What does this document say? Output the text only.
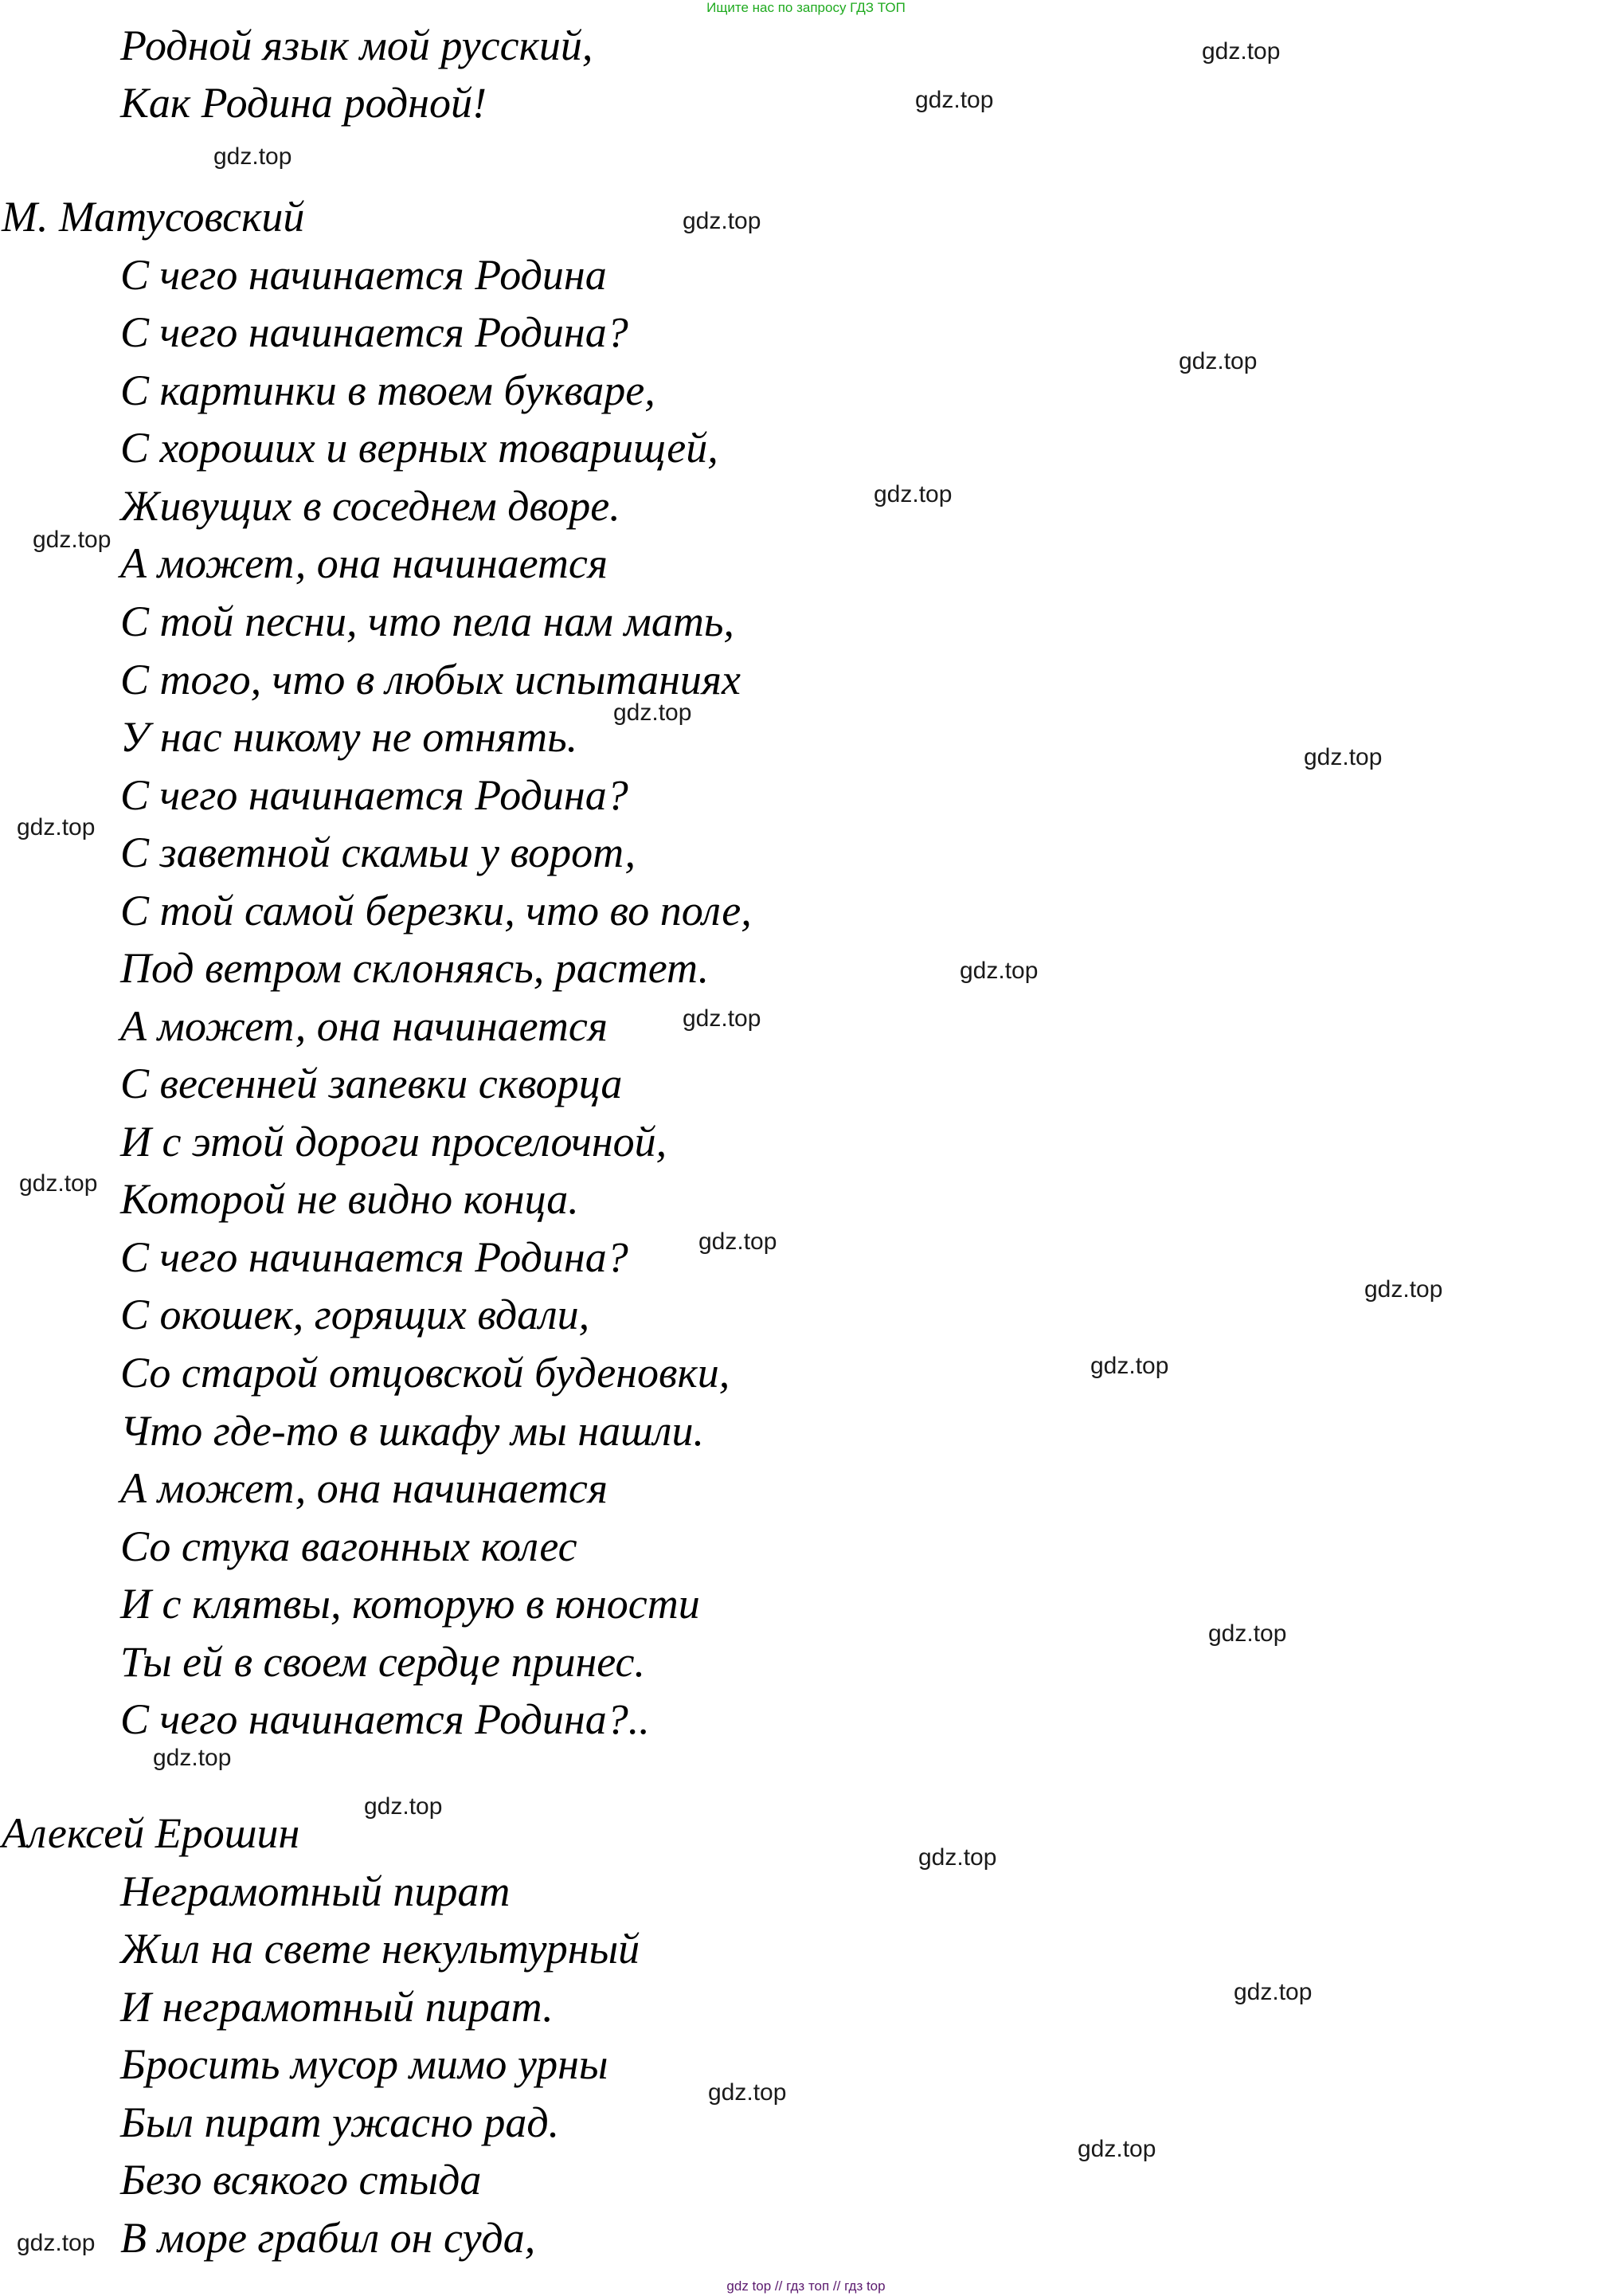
Ищите нас по запросу ГДЗ ТОП
Родной язык мой русский,
Как Родина родной!
М. Матусовский
С чего начинается Родина
С чего начинается Родина?
С картинки в твоем букваре,
С хороших и верных товарищей,
Живущих в соседнем дворе.
А может, она начинается
С той песни, что пела нам мать,
С того, что в любых испытаниях
У нас никому не отнять.
С чего начинается Родина?
С заветной скамьи у ворот,
С той самой березки, что во поле,
Под ветром склоняясь, растет.
А может, она начинается
С весенней запевки скворца
И с этой дороги проселочной,
Которой не видно конца.
С чего начинается Родина?
С окошек, горящих вдали,
Со старой отцовской буденовки,
Что где-то в шкафу мы нашли.
А может, она начинается
Со стука вагонных колес
И с клятвы, которую в юности
Ты ей в своем сердце принес.
С чего начинается Родина?..
Алексей Ерошин
Неграмотный пират
Жил на свете некультурный
И неграмотный пират.
Бросить мусор мимо урны
Был пират ужасно рад.
Безо всякого стыда
В море грабил он суда,
gdz.top
gdz.top
gdz.top
gdz.top
gdz.top
gdz.top
gdz.top
gdz.top
gdz.top
gdz.top
gdz.top
gdz.top
gdz.top
gdz.top
gdz.top
gdz.top
gdz.top
gdz.top
gdz.top
gdz.top
gdz.top
gdz.top
gdz.top
gdz.top
gdz top // гдз топ // гдз top
